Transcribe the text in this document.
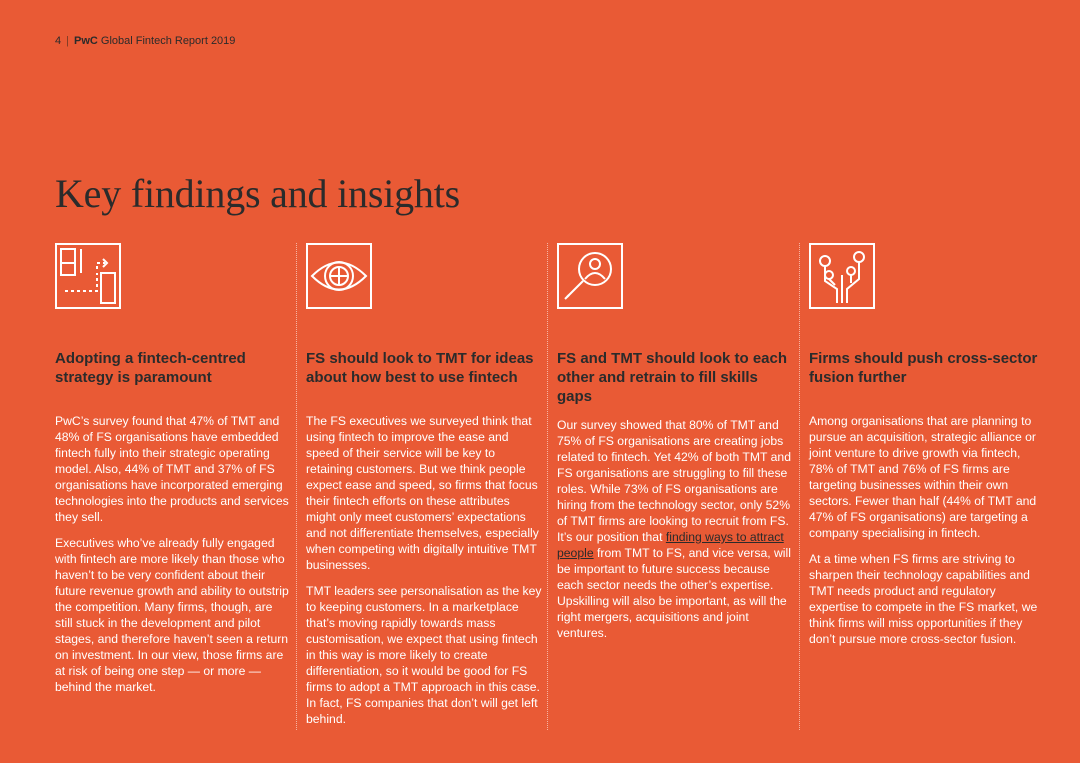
4 | PwC Global Fintech Report 2019
Key findings and insights
Adopting a fintech-centred strategy is paramount

PwC’s survey found that 47% of TMT and 48% of FS organisations have embedded fintech fully into their strategic operating model. Also, 44% of TMT and 37% of FS organisations have incorporated emerging technologies into the products and services they sell.

Executives who’ve already fully engaged with fintech are more likely than those who haven’t to be very confident about their future revenue growth and ability to outstrip the competition. Many firms, though, are still stuck in the development and pilot stages, and therefore haven’t seen a return on investment. In our view, those firms are at risk of being one step — or more — behind the market.

FS should look to TMT for ideas about how best to use fintech

The FS executives we surveyed think that using fintech to improve the ease and speed of their service will be key to retaining customers. But we think people expect ease and speed, so firms that focus their fintech efforts on these attributes might only meet customers’ expectations and not differentiate themselves, especially when competing with digitally intuitive TMT businesses.

TMT leaders see personalisation as the key to keeping customers. In a marketplace that’s moving rapidly towards mass customisation, we expect that using fintech in this way is more likely to create differentiation, so it would be good for FS firms to adopt a TMT approach in this case. In fact, FS companies that don’t will get left behind.

FS and TMT should look to each other and retrain to fill skills gaps

Our survey showed that 80% of TMT and 75% of FS organisations are creating jobs related to fintech. Yet 42% of both TMT and FS organisations are struggling to fill these roles. While 73% of FS organisations are hiring from the technology sector, only 52% of TMT firms are looking to recruit from FS. It’s our position that finding ways to attract people from TMT to FS, and vice versa, will be important to future success because each sector needs the other’s expertise. Upskilling will also be important, as will the right mergers, acquisitions and joint ventures.

Firms should push cross-sector fusion further

Among organisations that are planning to pursue an acquisition, strategic alliance or joint venture to drive growth via fintech, 78% of TMT and 76% of FS firms are targeting businesses within their own sectors. Fewer than half (44% of TMT and 47% of FS organisations) are targeting a company specialising in fintech.

At a time when FS firms are striving to sharpen their technology capabilities and TMT needs product and regulatory expertise to compete in the FS market, we think firms will miss opportunities if they don’t pursue more cross-sector fusion.
